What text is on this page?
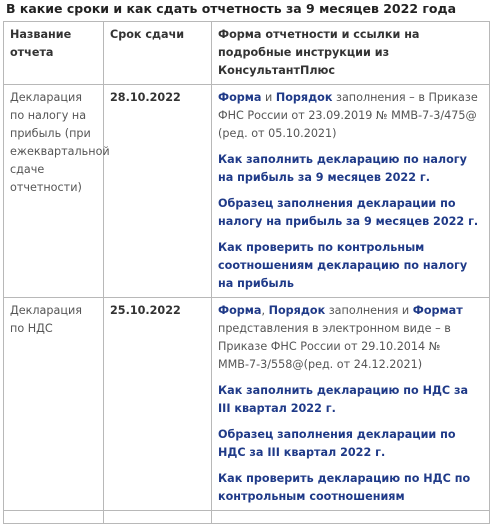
В какие сроки и как сдать отчетность за 9 месяцев 2022 года
Название отчета	Срок сдачи	Форма отчетности и ссылки на подробные инструкции из КонсультантПлюс
Декларация по налогу на прибыль (при ежеквартальной сдаче отчетности)	28.10.2022	Форма и Порядок заполнения – в Приказе ФНС России от 23.09.2019 № ММВ-7-3/475@ (ред. от 05.10.2021)
Как заполнить декларацию по налогу на прибыль за 9 месяцев 2022 г.
Образец заполнения декларации по налогу на прибыль за 9 месяцев 2022 г.
Как проверить по контрольным соотношениям декларацию по налогу на прибыль

Декларация по НДС	25.10.2022	Форма, Порядок заполнения и Формат представления в электронном виде – в Приказе ФНС России от 29.10.2014 № ММВ-7-3/558@(ред. от 24.12.2021)
Как заполнить декларацию по НДС за III квартал 2022 г.
Образец заполнения декларации по НДС за III квартал 2022 г.
Как проверить декларацию по НДС по контрольным соотношениям
